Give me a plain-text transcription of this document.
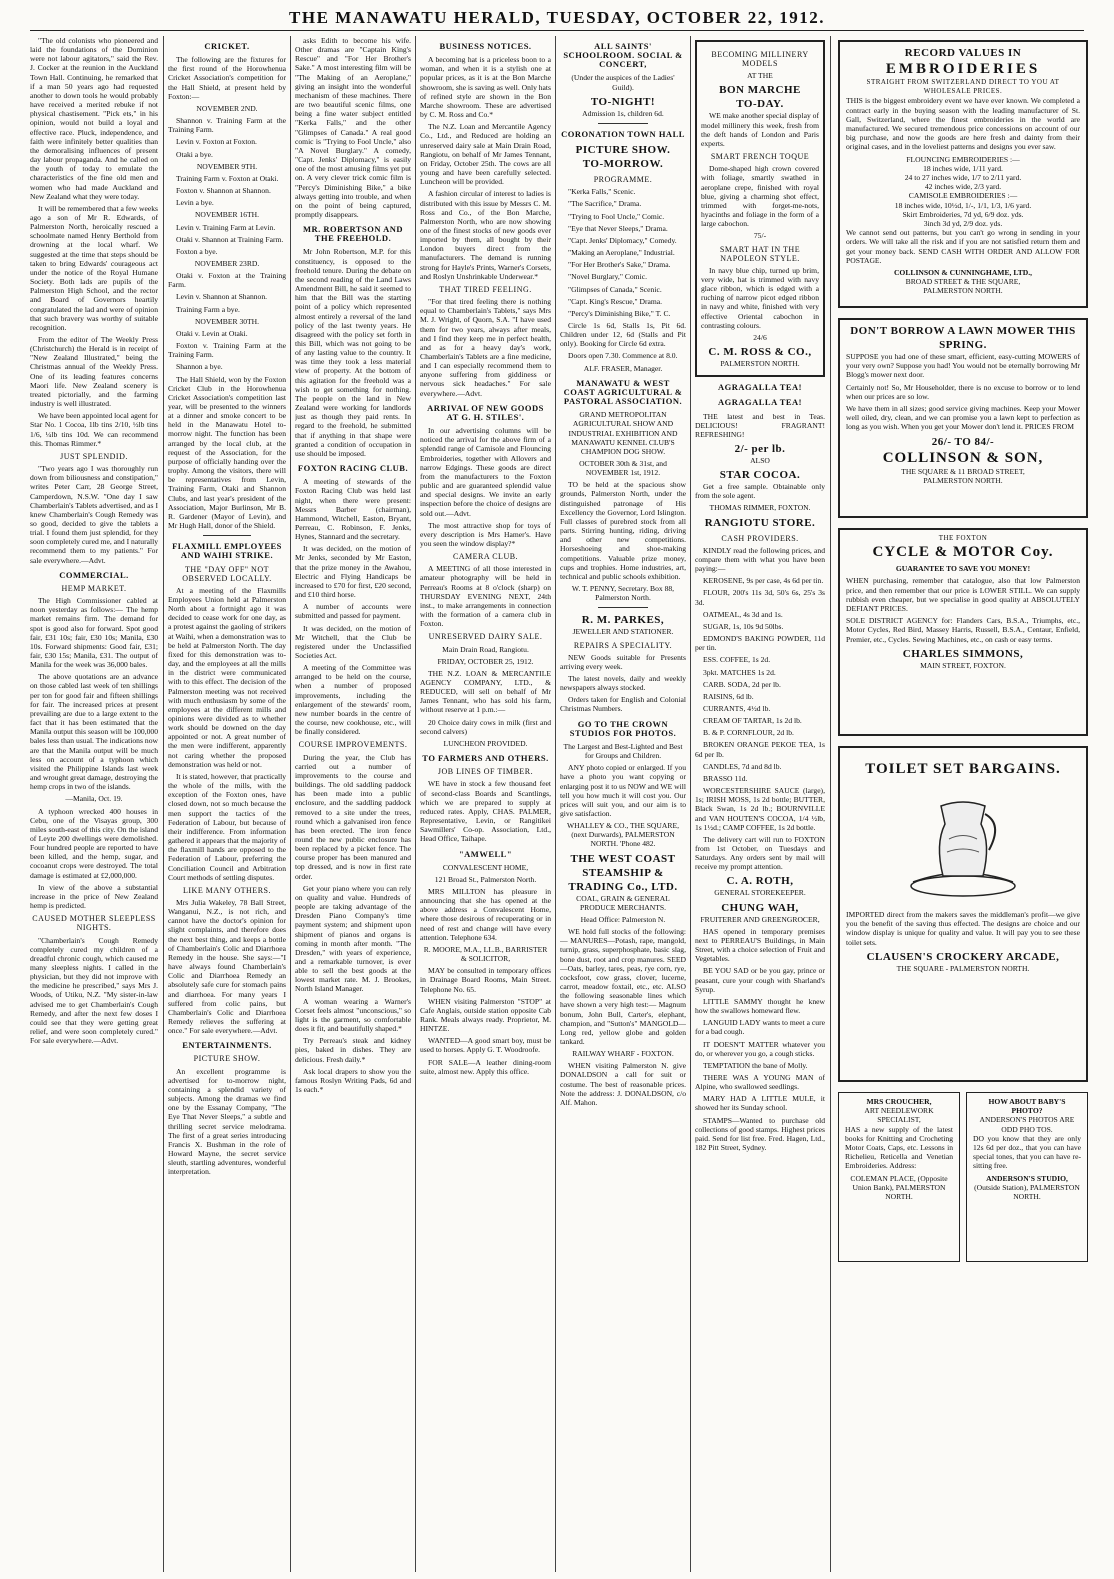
THE MANAWATU HERALD, TUESDAY, OCTOBER 22, 1912.

"The old colonists who pioneered and laid the foundations of the Dominion were not labour agitators," said the Rev. J. Cocker at the reunion in the Auckland Town Hall. Continuing, he remarked that if a man 50 years ago had requested another to down tools he would probably have received a merited rebuke if not physical chastisement. "Pick ets," in his opinion, would not build a loyal and effective race. Pluck, independence, and faith were infinitely better qualities than the demoralising influences of present day labour propaganda. And he called on the youth of today to emulate the characteristics of the fine old men and women who had made Auckland and New Zealand what they were today.

It will be remembered that a few weeks ago a son of Mr R. Edwards, of Palmerston North, heroically rescued a schoolmate named Henry Berthold from drowning at the local wharf. We suggested at the time that steps should be taken to bring Edwards' courageous act under the notice of the Royal Humane Society. Both lads are pupils of the Palmerston High School, and the rector and Board of Governors heartily congratulated the lad and were of opinion that such bravery was worthy of suitable recognition.

From the editor of The Weekly Press (Christchurch) the Herald is in receipt of "New Zealand Illustrated," being the Christmas annual of the Weekly Press. One of its leading features concerns Maori life. New Zealand scenery is treated pictorially, and the farming industry is well illustrated.

We have been appointed local agent for Star No. 1 Cocoa, 1lb tins 2/10, ½lb tins 1/6, ¼lb tins 10d. We can recommend this. Thomas Rimmer.*

JUST SPLENDID.

"Two years ago I was thoroughly run down from biliousness and constipation," writes Peter Carr, 28 George Street, Camperdown, N.S.W. "One day I saw Chamberlain's Tablets advertised, and as I knew Chamberlain's Cough Remedy was so good, decided to give the tablets a trial. I found them just splendid, for they soon completely cured me, and I naturally recommend them to my patients." For sale everywhere.—Advt.

COMMERCIAL.
HEMP MARKET.

The High Commissioner cabled at noon yesterday as follows:— The hemp market remains firm. The demand for spot is good also for forward. Spot good fair, £31 10s; fair, £30 10s; Manila, £30 10s. Forward shipments: Good fair, £31; fair, £30 15s; Manila, £31. The output of Manila for the week was 36,000 bales.

The above quotations are an advance on those cabled last week of ten shillings per ton for good fair and fifteen shillings for fair. The increased prices at present prevailing are due to a large extent to the fact that it has been estimated that the Manila output this season will be 100,000 bales less than usual. The indications now are that the Manila output will be much less on account of a typhoon which visited the Philippine Islands last week and wrought great damage, destroying the hemp crops in two of the islands.

—Manila, Oct. 19.

A typhoon wrecked 400 houses in Cebu, one of the Visayas group, 300 miles south-east of this city. On the island of Leyte 200 dwellings were demolished. Four hundred people are reported to have been killed, and the hemp, sugar, and cocoanut crops were destroyed. The total damage is estimated at £2,000,000.

In view of the above a substantial increase in the price of New Zealand hemp is predicted.

CAUSED MOTHER SLEEPLESS NIGHTS.

"Chamberlain's Cough Remedy completely cured my children of a dreadful chronic cough, which caused me many sleepless nights. I called in the physician, but they did not improve with the medicine he prescribed," says Mrs J. Woods, of Utiku, N.Z. "My sister-in-law advised me to get Chamberlain's Cough Remedy, and after the next few doses I could see that they were getting great relief, and were soon completely cured." For sale everywhere.—Advt.

CRICKET.

The following are the fixtures for the first round of the Horowhenua Cricket Association's competition for the Hall Shield, at present held by Foxton:—

NOVEMBER 2ND.

Shannon v. Training Farm at the Training Farm.

Levin v. Foxton at Foxton.

Otaki a bye.

NOVEMBER 9TH.

Training Farm v. Foxton at Otaki.

Foxton v. Shannon at Shannon.

Levin a bye.

NOVEMBER 16TH.

Levin v. Training Farm at Levin.

Otaki v. Shannon at Training Farm.

Foxton a bye.

NOVEMBER 23RD.

Otaki v. Foxton at the Training Farm.

Levin v. Shannon at Shannon.

Training Farm a bye.

NOVEMBER 30TH.

Otaki v. Levin at Otaki.

Foxton v. Training Farm at the Training Farm.

Shannon a bye.

The Hall Shield, won by the Foxton Cricket Club in the Horowhenua Cricket Association's competition last year, will be presented to the winners at a dinner and smoke concert to be held in the Manawatu Hotel to-morrow night. The function has been arranged by the local club, at the request of the Association, for the purpose of officially handing over the trophy. Among the visitors, there will be representatives from Levin, Training Farm, Otaki and Shannon Clubs, and last year's president of the Association, Major Burlinson, Mr B. R. Gardener (Mayor of Levin), and Mr Hugh Hall, donor of the Shield.

FLAXMILL EMPLOYEES AND WAIHI STRIKE.
THE "DAY OFF" NOT OBSERVED LOCALLY.

At a meeting of the Flaxmills Employees Union held at Palmerston North about a fortnight ago it was decided to cease work for one day, as a protest against the gaoling of strikers at Waihi, when a demonstration was to be held at Palmerston North. The day fixed for this demonstration was to-day, and the employees at all the mills in the district were communicated with to this effect. The decision of the Palmerston meeting was not received with much enthusiasm by some of the employees at the different mills and opinions were divided as to whether work should be downed on the day appointed or not. A great number of the men were indifferent, apparently not caring whether the proposed demonstration was held or not.

It is stated, however, that practically the whole of the mills, with the exception of the Foxton ones, have closed down, not so much because the men support the tactics of the Federation of Labour, but because of their indifference. From information gathered it appears that the majority of the flaxmill hands are opposed to the Federation of Labour, preferring the Conciliation Council and Arbitration Court methods of settling disputes.

LIKE MANY OTHERS.

Mrs Julia Wakeley, 78 Ball Street, Wanganui, N.Z., is not rich, and cannot have the doctor's opinion for slight complaints, and therefore does the next best thing, and keeps a bottle of Chamberlain's Colic and Diarrhoea Remedy in the house. She says:—"I have always found Chamberlain's Colic and Diarrhoea Remedy an absolutely safe cure for stomach pains and diarrhoea. For many years I suffered from colic pains, but Chamberlain's Colic and Diarrhoea Remedy relieves the suffering at once." For sale everywhere.—Advt.

ENTERTAINMENTS.
PICTURE SHOW.

An excellent programme is advertised for to-morrow night, containing a splendid variety of subjects. Among the dramas we find one by the Essanay Company, "The Eye That Never Sleeps," a subtle and thrilling secret service melodrama. The first of a great series introducing Francis X. Bushman in the role of Howard Mayne, the secret service sleuth, startling adventures, wonderful interpretation.

asks Edith to become his wife. Other dramas are "Captain King's Rescue" and "For Her Brother's Sake." A most interesting film will be "The Making of an Aeroplane," giving an insight into the wonderful mechanism of these machines. There are two beautiful scenic films, one being a fine water subject entitled "Kerka Falls," and the other "Glimpses of Canada." A real good comic is "Trying to Fool Uncle," also "A Novel Burglary." A comedy, "Capt. Jenks' Diplomacy," is easily one of the most amusing films yet put on. A very clever trick comic film is "Percy's Diminishing Bike," a bike always getting into trouble, and when on the point of being captured, promptly disappears.

MR. ROBERTSON AND THE FREEHOLD.

Mr John Robertson, M.P. for this constituency, is opposed to the freehold tenure. During the debate on the second reading of the Land Laws Amendment Bill, he said it seemed to him that the Bill was the starting point of a policy which represented almost entirely a reversal of the land policy of the last twenty years. He disagreed with the policy set forth in this Bill, which was not going to be of any lasting value to the country. It was time they took a less material view of property. At the bottom of this agitation for the freehold was a wish to get something for nothing. The people on the land in New Zealand were working for landlords just as though they paid rents. In regard to the freehold, he submitted that if anything in that shape were granted a condition of occupation in use should be imposed.

FOXTON RACING CLUB.

A meeting of stewards of the Foxton Racing Club was held last night, when there were present: Messrs Barber (chairman), Hammond, Witchell, Easton, Bryant, Perreau, C. Robinson, F. Jenks, Hynes, Stannard and the secretary.

It was decided, on the motion of Mr Jenks, seconded by Mr Easton, that the prize money in the Awahou, Electric and Flying Handicaps be increased to £70 for first, £20 second, and £10 third horse.

A number of accounts were submitted and passed for payment.

It was decided, on the motion of Mr Witchell, that the Club be registered under the Unclassified Societies Act.

A meeting of the Committee was arranged to be held on the course, when a number of proposed improvements, including the enlargement of the stewards' room, new number boards in the centre of the course, new cookhouse, etc., will be finally considered.

COURSE IMPROVEMENTS.

During the year, the Club has carried out a number of improvements to the course and buildings. The old saddling paddock has been made into a public enclosure, and the saddling paddock removed to a site under the trees, round which a galvanised iron fence has been erected. The iron fence round the new public enclosure has been replaced by a picket fence. The course proper has been manured and top dressed, and is now in first rate order.

Get your piano where you can rely on quality and value. Hundreds of people are taking advantage of the Dresden Piano Company's time payment system; and shipment upon shipment of pianos and organs is coming in month after month. "The Dresden," with years of experience, and a remarkable turnover, is ever able to sell the best goods at the lowest market rate. M. J. Brookes, North Island Manager.

A woman wearing a Warner's Corset feels almost "unconscious," so light is the garment, so comfortable does it fit, and beautifully shaped.*

Try Perreau's steak and kidney pies, baked in dishes. They are delicious. Fresh daily.*

Ask local drapers to show you the famous Roslyn Writing Pads, 6d and 1s each.*

BUSINESS NOTICES.

A becoming hat is a priceless boon to a woman, and when it is a stylish one at popular prices, as it is at the Bon Marche showroom, she is saving as well. Only hats of refined style are shown in the Bon Marche showroom. These are advertised by C. M. Ross and Co.*

The N.Z. Loan and Mercantile Agency Co., Ltd., and Reduced are holding an unreserved dairy sale at Main Drain Road, Rangiotu, on behalf of Mr James Tennant, on Friday, October 25th. The cows are all young and have been carefully selected. Luncheon will be provided.

A fashion circular of interest to ladies is distributed with this issue by Messrs C. M. Ross and Co., of the Bon Marche, Palmerston North, who are now showing one of the finest stocks of new goods ever imported by them, all bought by their London buyers direct from the manufacturers. The demand is running strong for Hayle's Prints, Warner's Corsets, and Roslyn Unshrinkable Underwear.*

THAT TIRED FEELING.

"For that tired feeling there is nothing equal to Chamberlain's Tablets," says Mrs M. J. Wright, of Quorn, S.A. "I have used them for two years, always after meals, and I find they keep me in perfect health, and as for a heavy day's work, Chamberlain's Tablets are a fine medicine, and I can especially recommend them to anyone suffering from giddiness or nervous sick headaches." For sale everywhere.—Advt.

ARRIVAL OF NEW GOODS AT G. H. STILES'.

In our advertising columns will be noticed the arrival for the above firm of a splendid range of Camisole and Flouncing Embroideries, together with Allovers and narrow Edgings. These goods are direct from the manufacturers to the Foxton public and are guaranteed splendid value and special designs. We invite an early inspection before the choice of designs are sold out.—Advt.

The most attractive shop for toys of every description is Mrs Hamer's. Have you seen the window display?*

CAMERA CLUB.

A MEETING of all those interested in amateur photography will be held in Perreau's Rooms at 8 o'clock (sharp) on THURSDAY EVENING NEXT, 24th inst., to make arrangements in connection with the formation of a camera club in Foxton.

UNRESERVED DAIRY SALE.

Main Drain Road, Rangiotu.

FRIDAY, OCTOBER 25, 1912.

THE N.Z. LOAN & MERCANTILE AGENCY COMPANY, LTD., & REDUCED, will sell on behalf of Mr James Tennant, who has sold his farm, without reserve at 1 p.m.:—

20 Choice dairy cows in milk (first and second calvers)

LUNCHEON PROVIDED.

TO FARMERS AND OTHERS.
JOB LINES OF TIMBER.

WE have in stock a few thousand feet of second-class Boards and Scantlings, which we are prepared to supply at reduced rates. Apply, CHAS. PALMER, Representative, Levin, or Rangitikei Sawmillers' Co-op. Association, Ltd., Head Office, Taihape.

"AMWELL"

CONVALESCENT HOME,

121 Broad St., Palmerston North.

MRS MILLTON has pleasure in announcing that she has opened at the above address a Convalescent Home, where those desirous of recuperating or in need of rest and change will have every attention. Telephone 634.

R. MOORE, M.A., LL.B., BARRISTER & SOLICITOR,

MAY be consulted in temporary offices in Drainage Board Rooms, Main Street. Telephone No. 65.

WHEN visiting Palmerston "STOP" at Cafe Anglais, outside station opposite Cab Rank. Meals always ready. Proprietor, M. HINTZE.

WANTED—A good smart boy, must be used to horses. Apply G. T. Woodroofe.

FOR SALE—A leather dining-room suite, almost new. Apply this office.

ALL SAINTS' SCHOOLROOM. SOCIAL & CONCERT,

(Under the auspices of the Ladies' Guild).

TO-NIGHT!

Admission 1s, children 6d.

CORONATION TOWN HALL
PICTURE SHOW.
TO-MORROW.
PROGRAMME.

"Kerka Falls," Scenic.

"The Sacrifice," Drama.

"Trying to Fool Uncle," Comic.

"Eye that Never Sleeps," Drama.

"Capt. Jenks' Diplomacy," Comedy.

"Making an Aeroplane," Industrial.

"For Her Brother's Sake," Drama.

"Novel Burglary," Comic.

"Glimpses of Canada," Scenic.

"Capt. King's Rescue," Drama.

"Percy's Diminishing Bike," T. C.

Circle 1s 6d, Stalls 1s, Pit 6d. Children under 12, 6d (Stalls and Pit only). Booking for Circle 6d extra.

Doors open 7.30. Commence at 8.0.

ALF. FRASER, Manager.

MANAWATU & WEST COAST AGRICULTURAL & PASTORAL ASSOCIATION.

GRAND METROPOLITAN AGRICULTURAL SHOW AND INDUSTRIAL EXHIBITION AND MANAWATU KENNEL CLUB'S CHAMPION DOG SHOW.

OCTOBER 30th & 31st, and NOVEMBER 1st, 1912.

TO be held at the spacious show grounds, Palmerston North, under the distinguished patronage of His Excellency the Governor, Lord Islington. Full classes of purebred stock from all parts. Stirring hunting, riding, driving and other new competitions. Horseshoeing and shoe-making competitions. Valuable prize money, cups and trophies. Home industries, art, technical and public schools exhibition.

W. T. PENNY, Secretary. Box 88, Palmerston North.

R. M. PARKES,

JEWELLER AND STATIONER.

REPAIRS A SPECIALITY.

NEW Goods suitable for Presents arriving every week.

The latest novels, daily and weekly newspapers always stocked.

Orders taken for English and Colonial Christmas Numbers.

GO TO THE CROWN STUDIOS FOR PHOTOS.

The Largest and Best-Lighted and Best for Groups and Children.

ANY photo copied or enlarged. If you have a photo you want copying or enlarging post it to us NOW and WE will tell you how much it will cost you. Our prices will suit you, and our aim is to give satisfaction.

WHALLEY & CO., THE SQUARE, (next Durwards), PALMERSTON NORTH. 'Phone 482.

THE WEST COAST STEAMSHIP & TRADING Co., LTD.

COAL, GRAIN & GENERAL PRODUCE MERCHANTS.

Head Office: Palmerston N.

WE hold full stocks of the following:— MANURES—Potash, rape, mangold, turnip, grass, superphosphate, basic slag, bone dust, root and crop manures. SEED—Oats, barley, tares, peas, rye corn, rye, cocksfoot, cow grass, clover, lucerne, carrot, meadow foxtail, etc., etc. ALSO the following seasonable lines which have shown a very high test:— Magnum bonum, John Bull, Carter's, elephant, champion, and "Sutton's" MANGOLD—Long red, yellow globe and golden tankard.

RAILWAY WHARF - FOXTON.

WHEN visiting Palmerston N. give DONALDSON a call for suit or costume. The best of reasonable prices. Note the address: J. DONALDSON, c/o Alf. Mahon.

BECOMING MILLINERY MODELS

AT THE

BON MARCHE
TO-DAY.

WE make another special display of model millinery this week, fresh from the deft hands of London and Paris experts.

SMART FRENCH TOQUE

Dome-shaped high crown covered with foliage, smartly swathed in aeroplane crepe, finished with royal blue, giving a charming shot effect, trimmed with forget-me-nots, hyacinths and foliage in the form of a large cabochon.

75/-

SMART HAT IN THE NAPOLEON STYLE.

In navy blue chip, turned up brim, very wide, hat is trimmed with navy glace ribbon, which is edged with a ruching of narrow picot edged ribbon in navy and white, finished with very effective Oriental cabochon in contrasting colours.

24/6

C. M. ROSS & CO.,

PALMERSTON NORTH.

AGRAGALLA TEA!
AGRAGALLA TEA!

THE latest and best in Teas. DELICIOUS! FRAGRANT! REFRESHING!

2/- per lb.

ALSO

STAR COCOA.

Get a free sample. Obtainable only from the sole agent.

THOMAS RIMMER, FOXTON.

RANGIOTU STORE.
CASH PROVIDERS.

KINDLY read the following prices, and compare them with what you have been paying:—

KEROSENE, 9s per case, 4s 6d per tin.

FLOUR, 200's 11s 3d, 50's 6s, 25's 3s 3d.

OATMEAL, 4s 3d and 1s.

SUGAR, 1s, 10s 9d 50lbs.

EDMOND'S BAKING POWDER, 11d per tin.

ESS. COFFEE, 1s 2d.

3pkt. MATCHES 1s 2d.

CARB. SODA, 2d per lb.

RAISINS, 6d lb.

CURRANTS, 4½d lb.

CREAM OF TARTAR, 1s 2d lb.

B. & P. CORNFLOUR, 2d lb.

BROKEN ORANGE PEKOE TEA, 1s 6d per lb.

CANDLES, 7d and 8d lb.

BRASSO 11d.

WORCESTERSHIRE SAUCE (large), 1s; IRISH MOSS, 1s 2d bottle; BUTTER, Black Swan, 1s 2d lb.; BOURNVILLE and VAN HOUTEN'S COCOA, 1/4 ½lb, 1s 1½d.; CAMP COFFEE, 1s 2d bottle.

The delivery cart will run to FOXTON from 1st October, on Tuesdays and Saturdays. Any orders sent by mail will receive my prompt attention.

C. A. ROTH,

GENERAL STOREKEEPER.

CHUNG WAH,

FRUITERER AND GREENGROCER,

HAS opened in temporary premises next to PERREAU'S Buildings, in Main Street, with a choice selection of Fruit and Vegetables.

BE YOU SAD or be you gay, prince or peasant, cure your cough with Sharland's Syrup.

LITTLE SAMMY thought he knew how the swallows homeward flew.

LANGUID LADY wants to meet a cure for a bad cough.

IT DOESN'T MATTER whatever you do, or wherever you go, a cough sticks.

TEMPTATION the bane of Molly.

THERE WAS A YOUNG MAN of Alpine, who swallowed seedlings.

MARY HAD A LITTLE MULE, it showed her its Sunday school.

STAMPS—Wanted to purchase old collections of good stamps. Highest prices paid. Send for list free. Fred. Hagen, Ltd., 182 Pitt Street, Sydney.

RECORD VALUES IN
EMBROIDERIES
STRAIGHT FROM SWITZERLAND DIRECT TO YOU AT WHOLESALE PRICES.

THIS is the biggest embroidery event we have ever known. We completed a contract early in the buying season with the leading manufacturer of St. Gall, Switzerland, where the finest embroideries in the world are manufactured. We secured tremendous price concessions on account of our big purchase, and now the goods are here fresh and dainty from their original cases, and in the loveliest patterns and designs you ever saw.

FLOUNCING EMBROIDERIES :—
18 inches wide, 1/11 yard.
24 to 27 inches wide, 1/7 to 2/11 yard.
42 inches wide, 2/3 yard.
CAMISOLE EMBROIDERIES :—
18 inches wide, 10½d, 1/-, 1/1, 1/3, 1/6 yard.
Skirt Embroideries, 7d yd, 6/9 doz. yds.
3inch 3d yd, 2/9 doz. yds.

We cannot send out patterns, but you can't go wrong in sending in your orders. We will take all the risk and if you are not satisfied return them and get your money back. SEND CASH WITH ORDER AND ALLOW FOR POSTAGE.

COLLINSON & CUNNINGHAME, LTD.,
BROAD STREET & THE SQUARE,
PALMERSTON NORTH.
DON'T BORROW A LAWN MOWER THIS SPRING.

SUPPOSE you had one of these smart, efficient, easy-cutting MOWERS of your very own? Suppose you had! You would not be eternally borrowing Mr Blogg's mower next door.

Certainly not! So, Mr Householder, there is no excuse to borrow or to lend when our prices are so low.

We have them in all sizes; good service giving machines. Keep your Mower well oiled, dry, clean, and we can promise you a lawn kept to perfection as long as you wish. When you get your Mower don't lend it. PRICES FROM

26/- TO 84/-
COLLINSON & SON,
THE SQUARE & 11 BROAD STREET,
PALMERSTON NORTH.
THE FOXTON
CYCLE & MOTOR Coy.
GUARANTEE TO SAVE YOU MONEY!

WHEN purchasing, remember that catalogue, also that low Palmerston price, and then remember that our price is LOWER STILL. We can supply rubbish even cheaper, but we specialise in good quality at ABSOLUTELY DEFIANT PRICES.

SOLE DISTRICT AGENCY for: Flanders Cars, B.S.A., Triumphs, etc., Motor Cycles, Red Bird, Massey Harris, Russell, B.S.A., Centaur, Enfield, Premier, etc., Cycles. Sewing Machines, etc., on cash or easy terms.

CHARLES SIMMONS,
MAIN STREET, FOXTON.
TOILET SET BARGAINS.

IMPORTED direct from the makers saves the middleman's profit—we give you the benefit of the saving thus effected. The designs are choice and our window display is unique for quality and value. It will pay you to see these toilet sets.

CLAUSEN'S CROCKERY ARCADE,
THE SQUARE - PALMERSTON NORTH.
MRS CROUCHER,
ART NEEDLEWORK SPECIALIST,

HAS a new supply of the latest books for Knitting and Crocheting Motor Coats, Caps, etc. Lessons in Richelieu, Reticella and Venetian Embroideries. Address:

COLEMAN PLACE, (Opposite Union Bank), PALMERSTON NORTH.
HOW ABOUT BABY'S PHOTO?
ANDERSON'S PHOTOS ARE ODD PHO TOS.

DO you know that they are only 12s 6d per doz., that you can have special tones, that you can have re-sitting free.

ANDERSON'S STUDIO,
(Outside Station), PALMERSTON NORTH.
